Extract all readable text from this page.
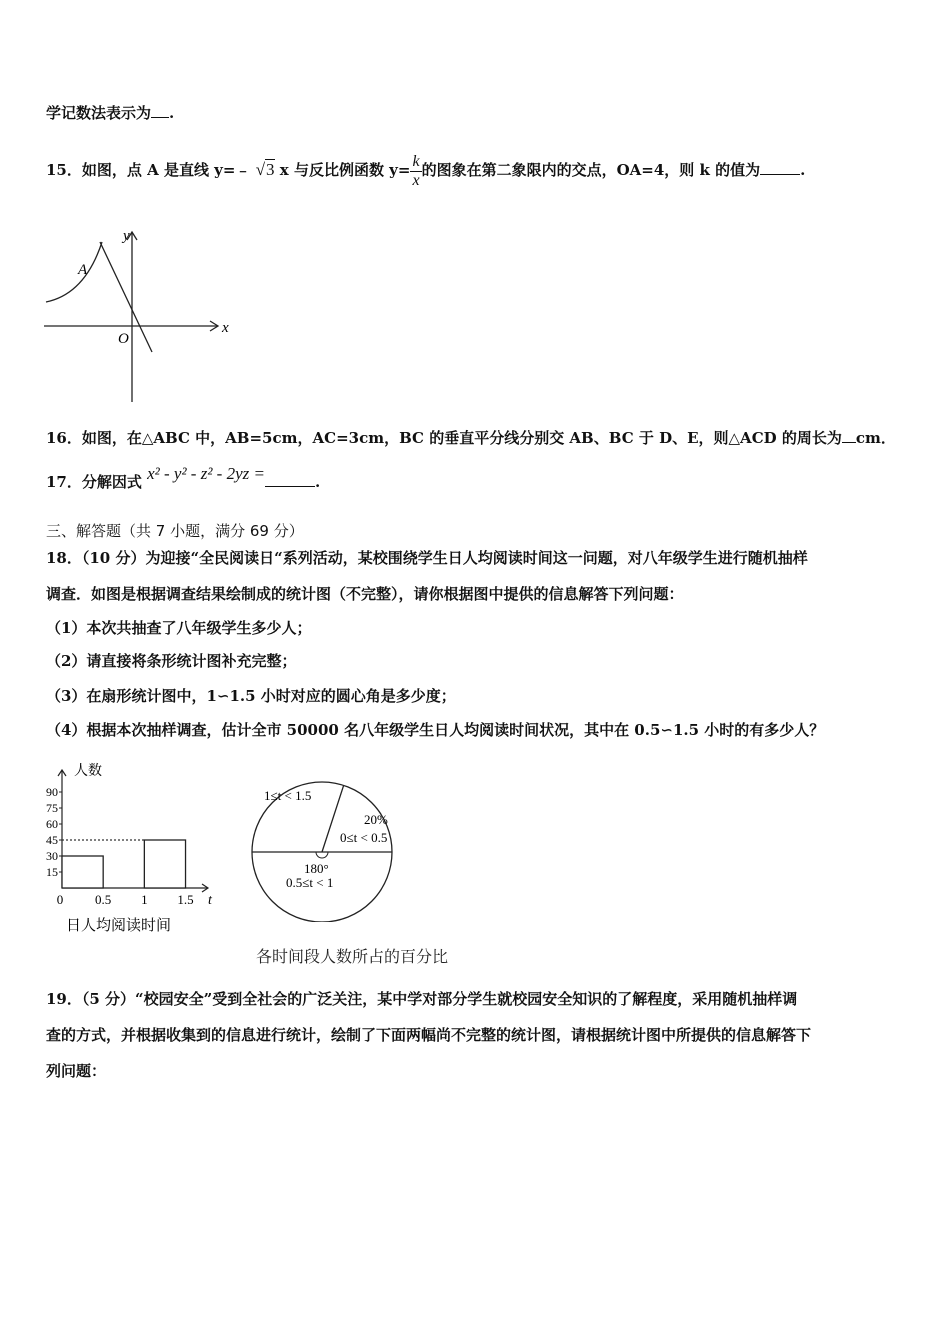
学记数法表示为 .
15．如图，点 A 是直线 y=﹣ √3 x 与反比例函数 $y= \frac{k}{x}$ 的图象在第二象限内的交点，OA=4，则 k 的值为	.
A
O
x
y
16．如图，在△ABC 中，AB=5cm，AC=3cm，BC 的垂直平分线分别交 AB、BC 于 D、E，则△ACD 的周长为 cm．
17．分解因式 x² - y² - z² - 2yz =	.
三、解答题（共 7 小题，满分 69 分）
18．（10 分）为迎接“全民阅读日“系列活动，某校围绕学生日人均阅读时间这一问题，对八年级学生进行随机抽样
调查．如图是根据调查结果绘制成的统计图（不完整），请你根据图中提供的信息解答下列问题：
（1）本次共抽查了八年级学生多少人；
（2）请直接将条形统计图补充完整；
（3）在扇形统计图中，1∽1.5 小时对应的圆心角是多少度；
（4）根据本次抽样调查，估计全市 50000 名八年级学生日人均阅读时间状况，其中在 0.5∽1.5 小时的有多少人？
人数
15
30
45
60
75
90
0 0.5 1 1.5 t
日人均阅读时间
1≤t < 1.5
20%
0≤t < 0.5
180°
0.5≤t < 1
各时间段人数所占的百分比
19．（5 分）“校园安全”受到全社会的广泛关注，某中学对部分学生就校园安全知识的了解程度，采用随机抽样调
查的方式，并根据收集到的信息进行统计，绘制了下面两幅尚不完整的统计图，请根据统计图中所提供的信息解答下
列问题：
